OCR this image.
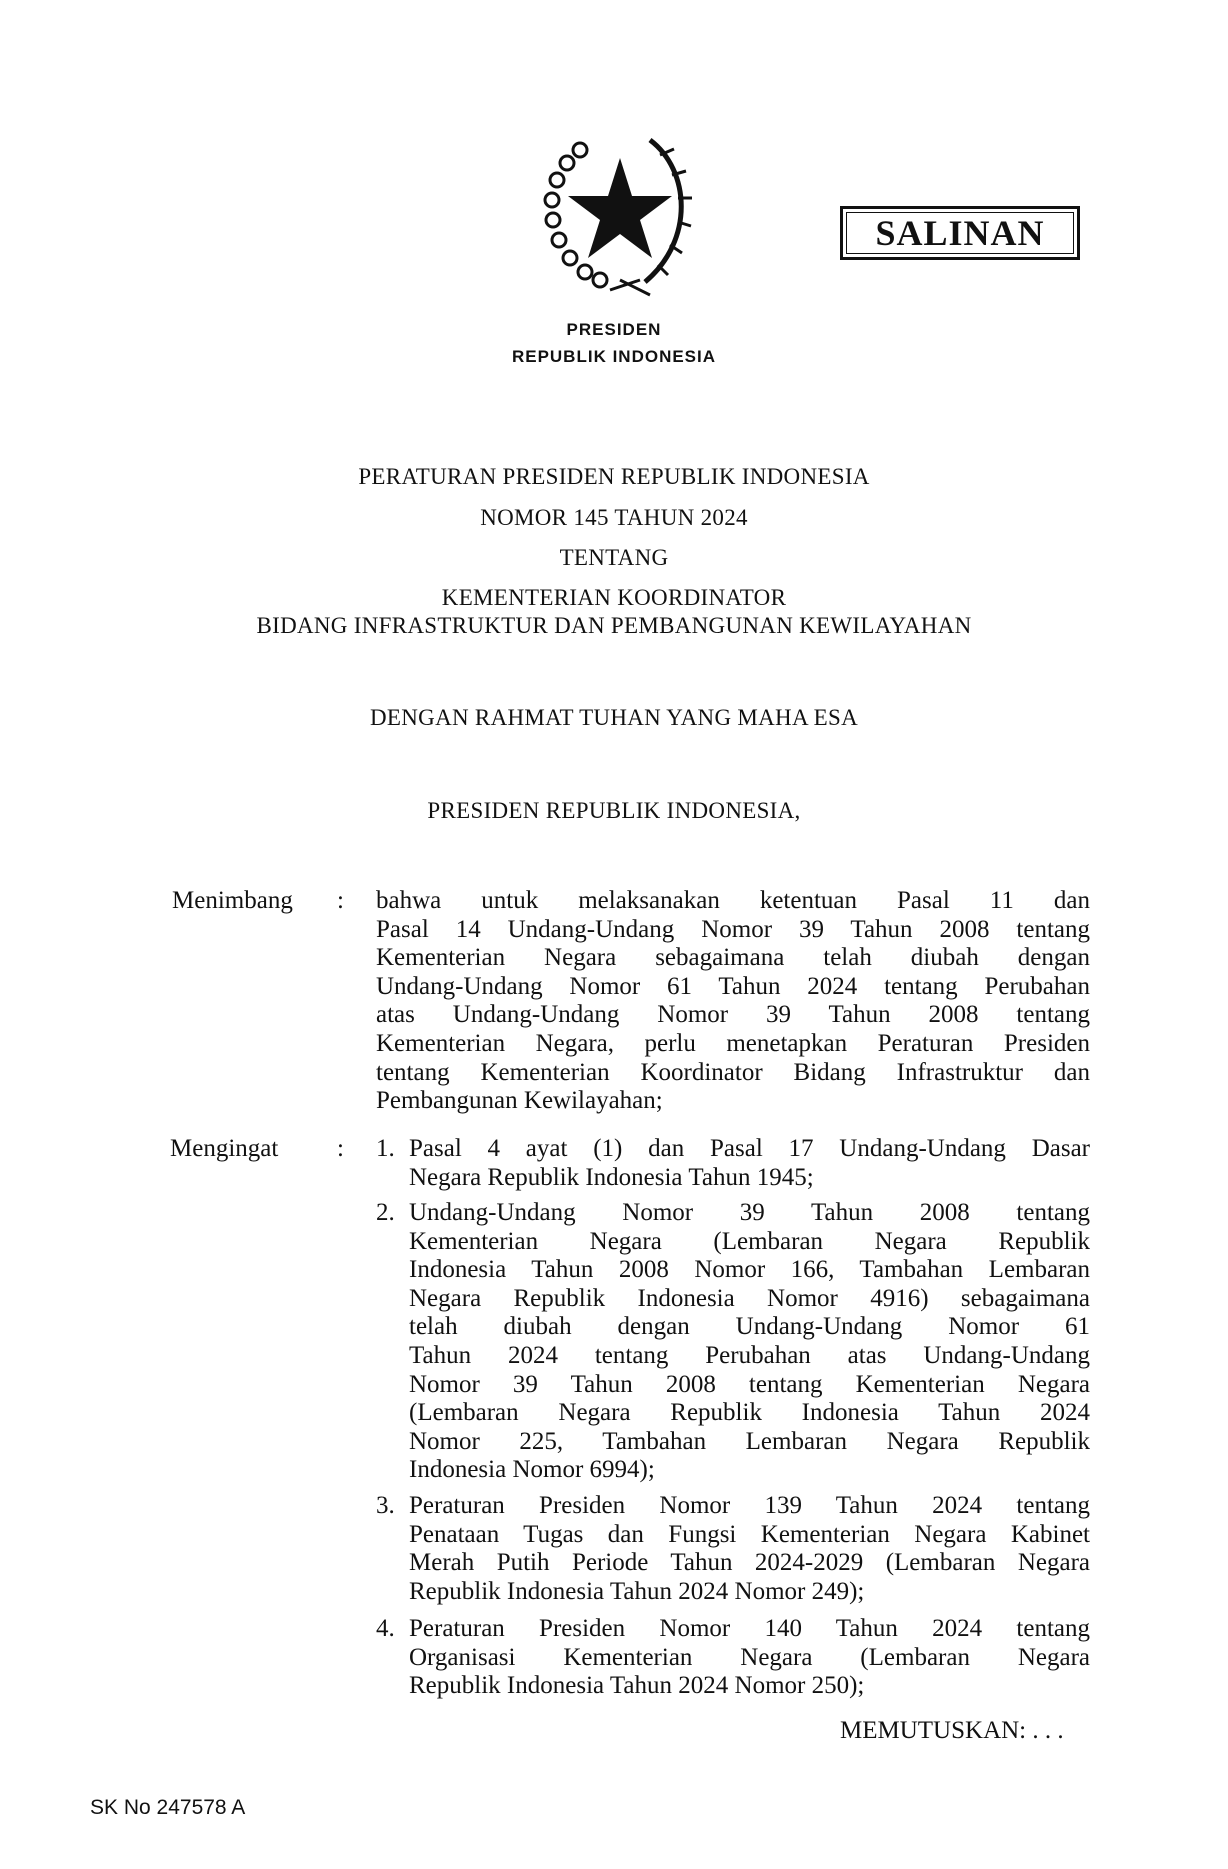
SALINAN
PRESIDEN
REPUBLIK INDONESIA
PERATURAN PRESIDEN REPUBLIK INDONESIA
NOMOR 145 TAHUN 2024
TENTANG
KEMENTERIAN KOORDINATOR
BIDANG INFRASTRUKTUR DAN PEMBANGUNAN KEWILAYAHAN
DENGAN RAHMAT TUHAN YANG MAHA ESA
PRESIDEN REPUBLIK INDONESIA,
Menimbang : bahwa untuk melaksanakan ketentuan Pasal 11 dan
Pasal 14 Undang-Undang Nomor 39 Tahun 2008 tentang
Kementerian Negara sebagaimana telah diubah dengan
Undang-Undang Nomor 61 Tahun 2024 tentang Perubahan
atas Undang-Undang Nomor 39 Tahun 2008 tentang
Kementerian Negara, perlu menetapkan Peraturan Presiden
tentang Kementerian Koordinator Bidang Infrastruktur dan
Pembangunan Kewilayahan;
Mengingat : 1. Pasal 4 ayat (1) dan Pasal 17 Undang-Undang Dasar
Negara Republik Indonesia Tahun 1945;
2. Undang-Undang Nomor 39 Tahun 2008 tentang
Kementerian Negara (Lembaran Negara Republik
Indonesia Tahun 2008 Nomor 166, Tambahan Lembaran
Negara Republik Indonesia Nomor 4916) sebagaimana
telah diubah dengan Undang-Undang Nomor 61
Tahun 2024 tentang Perubahan atas Undang-Undang
Nomor 39 Tahun 2008 tentang Kementerian Negara
(Lembaran Negara Republik Indonesia Tahun 2024
Nomor 225, Tambahan Lembaran Negara Republik
Indonesia Nomor 6994);
3. Peraturan Presiden Nomor 139 Tahun 2024 tentang
Penataan Tugas dan Fungsi Kementerian Negara Kabinet
Merah Putih Periode Tahun 2024-2029 (Lembaran Negara
Republik Indonesia Tahun 2024 Nomor 249);
4. Peraturan Presiden Nomor 140 Tahun 2024 tentang
Organisasi Kementerian Negara (Lembaran Negara
Republik Indonesia Tahun 2024 Nomor 250);
MEMUTUSKAN: . . .
SK No 247578 A
